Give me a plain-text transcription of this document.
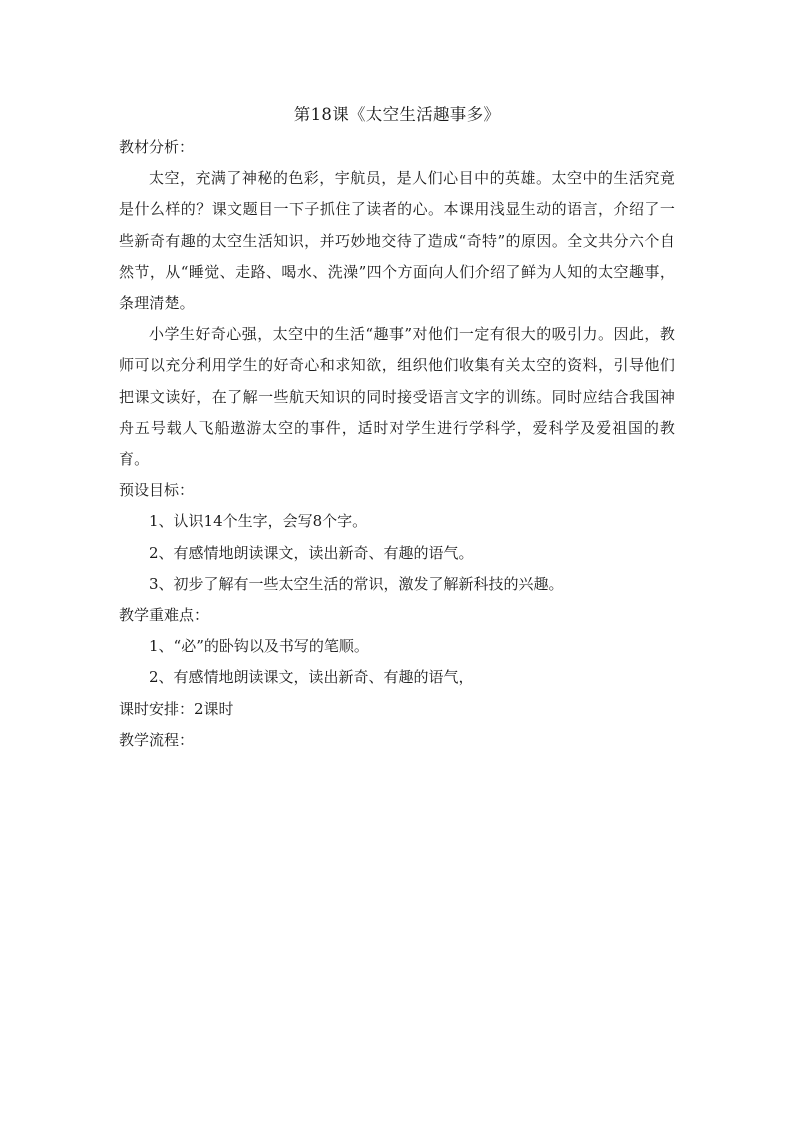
第18课《太空生活趣事多》

教材分析：

太空，充满了神秘的色彩，宇航员，是人们心目中的英雄。太空中的生活究竟是什么样的？课文题目一下子抓住了读者的心。本课用浅显生动的语言，介绍了一些新奇有趣的太空生活知识，并巧妙地交待了造成“奇特”的原因。全文共分六个自然节，从“睡觉、走路、喝水、洗澡”四个方面向人们介绍了鲜为人知的太空趣事，条理清楚。

小学生好奇心强，太空中的生活“趣事”对他们一定有很大的吸引力。因此，教师可以充分利用学生的好奇心和求知欲，组织他们收集有关太空的资料，引导他们把课文读好，在了解一些航天知识的同时接受语言文字的训练。同时应结合我国神舟五号载人飞船遨游太空的事件，适时对学生进行学科学，爱科学及爱祖国的教育。

预设目标：

1、认识14个生字，会写8个字。

2、有感情地朗读课文，读出新奇、有趣的语气。

3、初步了解有一些太空生活的常识，激发了解新科技的兴趣。

教学重难点：

1、“必”的卧钩以及书写的笔顺。

2、有感情地朗读课文，读出新奇、有趣的语气，

课时安排：2课时

教学流程：
